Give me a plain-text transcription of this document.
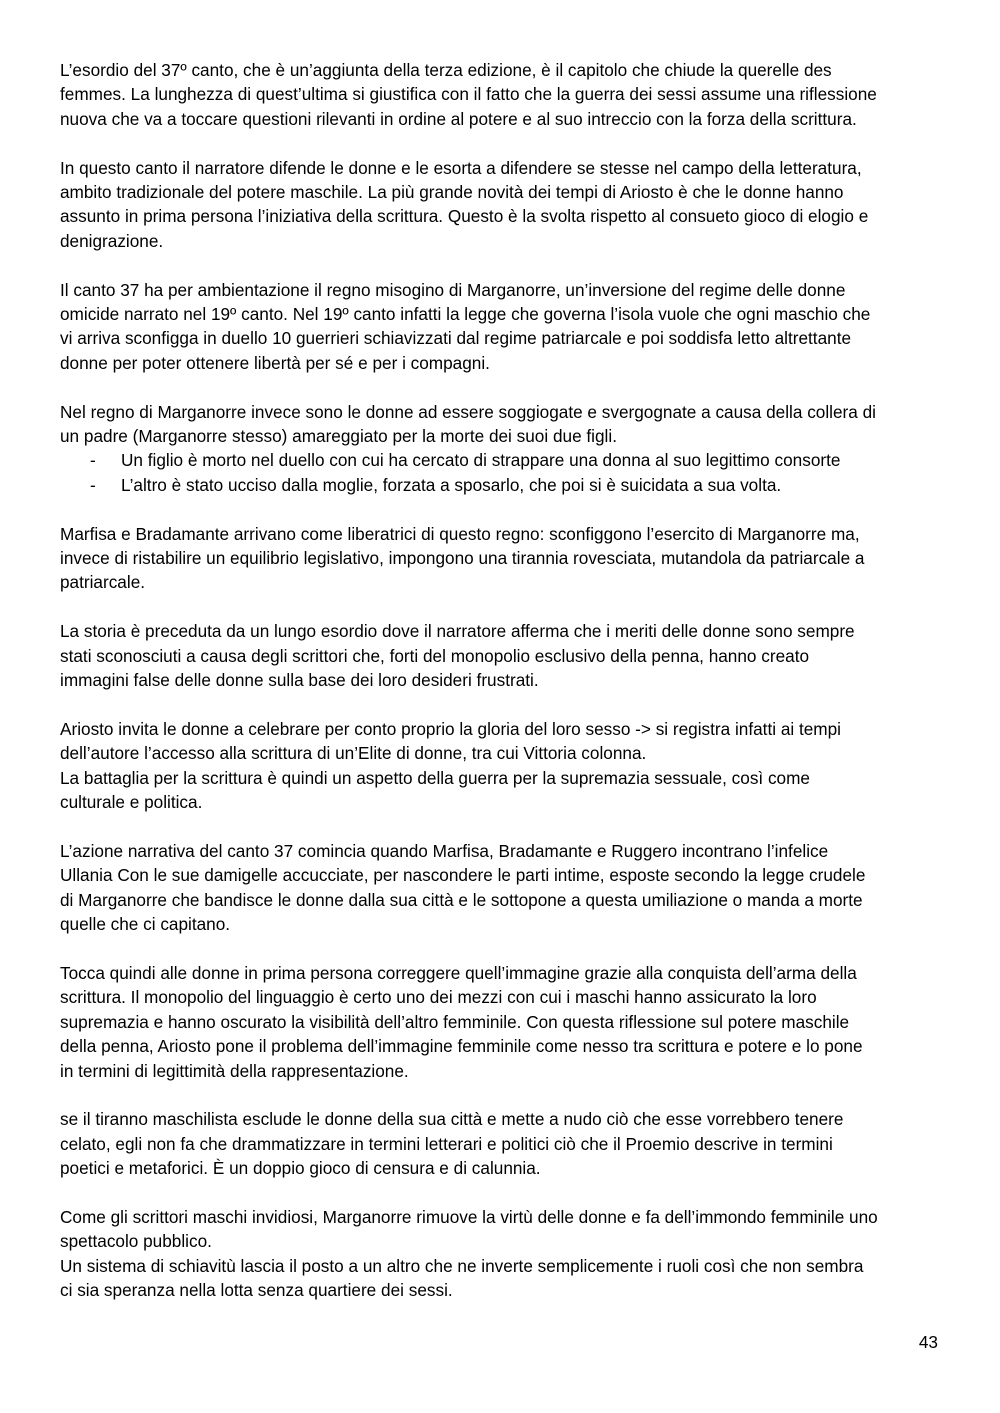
L’esordio del 37º canto, che è un’aggiunta della terza edizione, è il capitolo che chiude la querelle des
femmes. La lunghezza di quest’ultima si giustifica con il fatto che la guerra dei sessi assume una riflessione
nuova che va a toccare questioni rilevanti in ordine al potere e al suo intreccio con la forza della scrittura.

In questo canto il narratore difende le donne e le esorta a difendere se stesse nel campo della letteratura,
ambito tradizionale del potere maschile. La più grande novità dei tempi di Ariosto è che le donne hanno
assunto in prima persona l’iniziativa della scrittura. Questo è la svolta rispetto al consueto gioco di elogio e
denigrazione.

Il canto 37 ha per ambientazione il regno misogino di Marganorre, un’inversione del regime delle donne
omicide narrato nel 19º canto. Nel 19º canto infatti la legge che governa l’isola vuole che ogni maschio che
vi arriva sconfigga in duello 10 guerrieri schiavizzati dal regime patriarcale e poi soddisfa letto altrettante
donne per poter ottenere libertà per sé e per i compagni.

Nel regno di Marganorre invece sono le donne ad essere soggiogate e svergognate a causa della collera di
un padre (Marganorre stesso) amareggiato per la morte dei suoi due figli.

- Un figlio è morto nel duello con cui ha cercato di strappare una donna al suo legittimo consorte
- L’altro è stato ucciso dalla moglie, forzata a sposarlo, che poi si è suicidata a sua volta.

Marfisa e Bradamante arrivano come liberatrici di questo regno: sconfiggono l’esercito di Marganorre ma,
invece di ristabilire un equilibrio legislativo, impongono una tirannia rovesciata, mutandola da patriarcale a
patriarcale.

La storia è preceduta da un lungo esordio dove il narratore afferma che i meriti delle donne sono sempre
stati sconosciuti a causa degli scrittori che, forti del monopolio esclusivo della penna, hanno creato
immagini false delle donne sulla base dei loro desideri frustrati.

Ariosto invita le donne a celebrare per conto proprio la gloria del loro sesso -> si registra infatti ai tempi
dell’autore l’accesso alla scrittura di un’Elite di donne, tra cui Vittoria colonna.
La battaglia per la scrittura è quindi un aspetto della guerra per la supremazia sessuale, così come
culturale e politica.

L’azione narrativa del canto 37 comincia quando Marfisa, Bradamante e Ruggero incontrano l’infelice
Ullania Con le sue damigelle accucciate, per nascondere le parti intime, esposte secondo la legge crudele
di Marganorre che bandisce le donne dalla sua città e le sottopone a questa umiliazione o manda a morte
quelle che ci capitano.

Tocca quindi alle donne in prima persona correggere quell’immagine grazie alla conquista dell’arma della
scrittura. Il monopolio del linguaggio è certo uno dei mezzi con cui i maschi hanno assicurato la loro
supremazia e hanno oscurato la visibilità dell’altro femminile. Con questa riflessione sul potere maschile
della penna, Ariosto pone il problema dell’immagine femminile come nesso tra scrittura e potere e lo pone
in termini di legittimità della rappresentazione.

se il tiranno maschilista esclude le donne della sua città e mette a nudo ciò che esse vorrebbero tenere
celato, egli non fa che drammatizzare in termini letterari e politici ciò che il Proemio descrive in termini
poetici e metaforici. È un doppio gioco di censura e di calunnia.

Come gli scrittori maschi invidiosi, Marganorre rimuove la virtù delle donne e fa dell’immondo femminile uno
spettacolo pubblico.
Un sistema di schiavitù lascia il posto a un altro che ne inverte semplicemente i ruoli così che non sembra
ci sia speranza nella lotta senza quartiere dei sessi.

43
